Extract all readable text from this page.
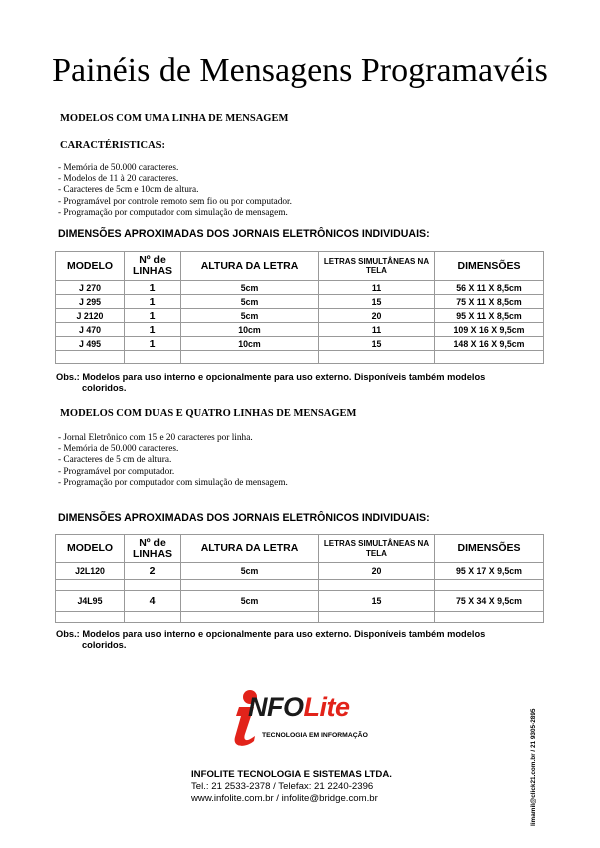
Painéis de Mensagens Programavéis
MODELOS COM UMA LINHA DE MENSAGEM
CARACTÉRISTICAS:
- Memória de 50.000 caracteres.
- Modelos de 11 à 20 caracteres.
- Caracteres de 5cm e 10cm de altura.
- Programável por controle remoto sem fio ou por computador.
- Programação por computador com simulação de mensagem.
DIMENSÕES APROXIMADAS DOS JORNAIS ELETRÔNICOS INDIVIDUAIS:
MODELO	Nº de LINHAS	ALTURA DA LETRA	LETRAS SIMULTÂNEAS NA TELA	DIMENSÕES
J 270	1	5cm	11	56 X 11 X 8,5cm
J 295	1	5cm	15	75 X 11 X 8,5cm
J 2120	1	5cm	20	95 X 11 X 8,5cm
J 470	1	10cm	11	109 X 16 X 9,5cm
J 495	1	10cm	15	148 X 16 X 9,5cm

Obs.: Modelos para uso interno e opcionalmente para uso externo. Disponíveis também modelos
coloridos.
MODELOS COM DUAS E QUATRO LINHAS DE MENSAGEM
- Jornal Eletrônico com 15 e 20 caracteres por linha.
- Memória de 50.000 caracteres.
- Caracteres de 5 cm de altura.
- Programável por computador.
- Programação por computador com simulação de mensagem.
DIMENSÕES APROXIMADAS DOS JORNAIS ELETRÔNICOS INDIVIDUAIS:
MODELO	Nº de LINHAS	ALTURA DA LETRA	LETRAS SIMULTÂNEAS NA TELA	DIMENSÕES
J2L120	2	5cm	20	95 X 17 X 9,5cm

J4L95	4	5cm	15	75 X 34 X 9,5cm

Obs.: Modelos para uso interno e opcionalmente para uso externo. Disponíveis também modelos
coloridos.
NFOLite
TECNOLOGIA EM INFORMAÇÃO
INFOLITE TECNOLOGIA E SISTEMAS LTDA.
Tel.: 21 2533-2378 / Telefax: 21 2240-2396
www.infolite.com.br / infolite@bridge.com.br	limamil@click21.com.br / 21 9305-2895
